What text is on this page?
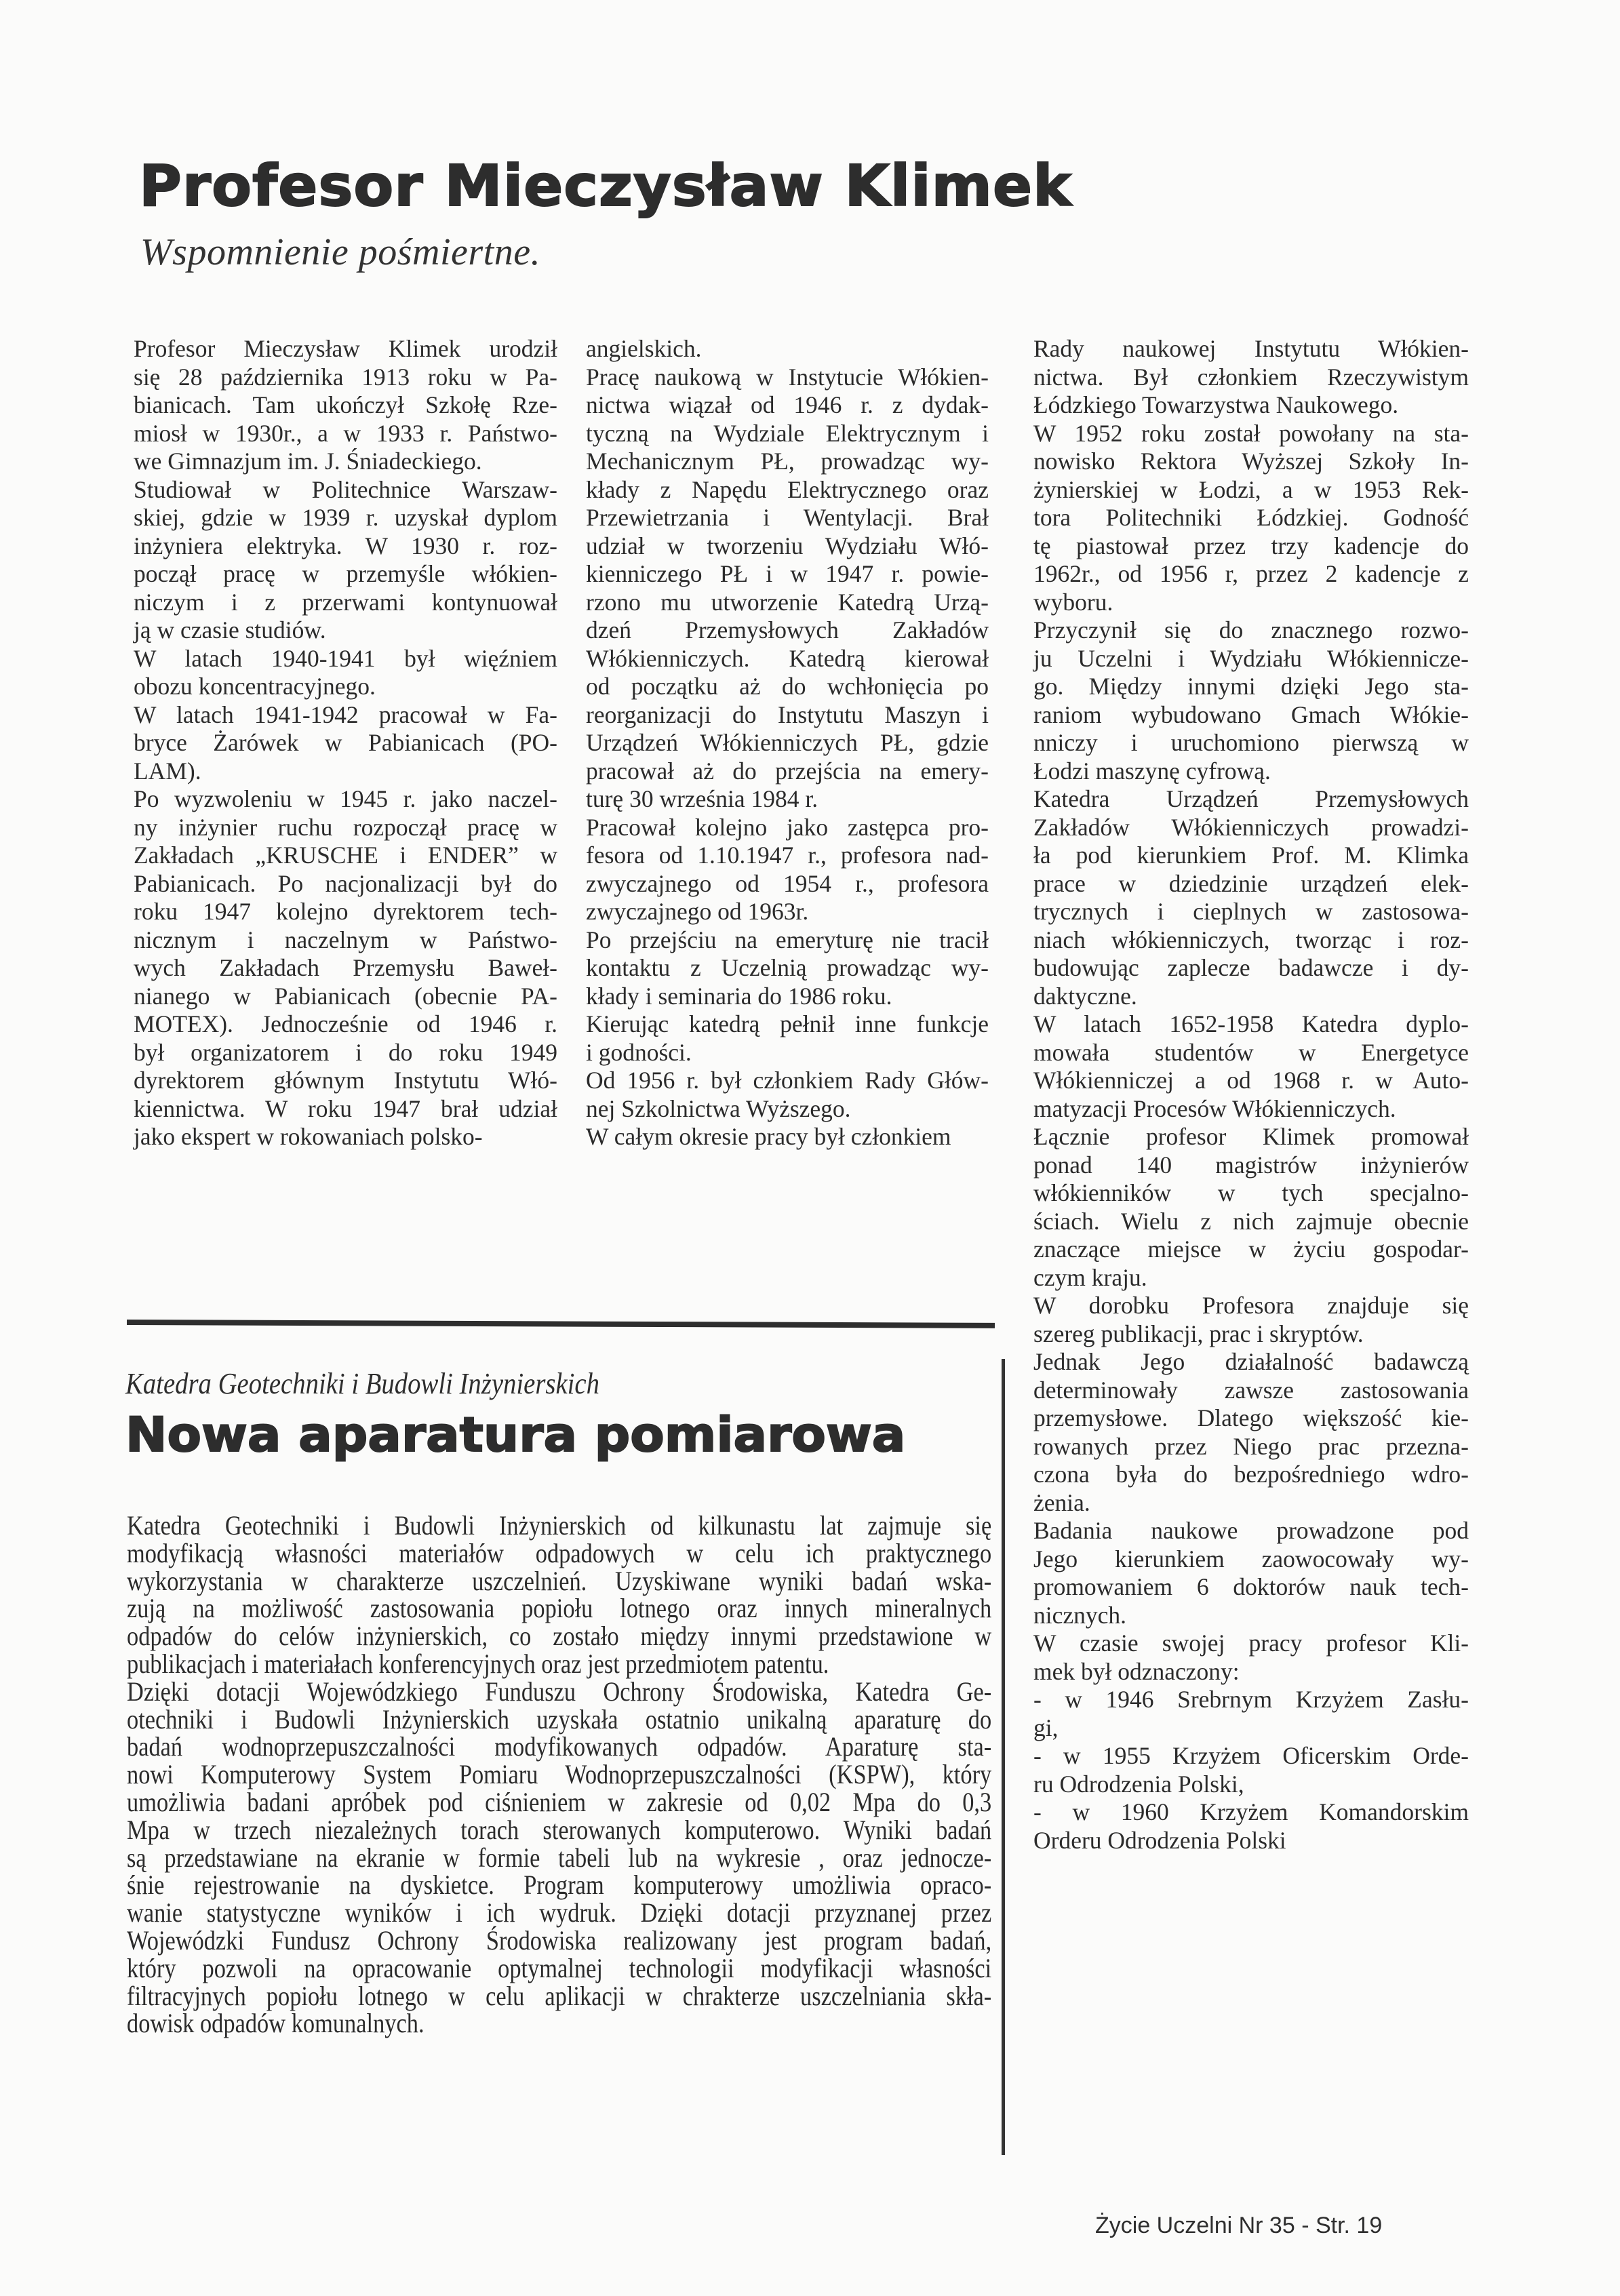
Profesor Mieczysław Klimek
Wspomnienie pośmiertne.
Profesor Mieczysław Klimek urodził
się 28 października 1913 roku w Pa-
bianicach. Tam ukończył Szkołę Rze-
miosł w 1930r., a w 1933 r. Państwo-
we Gimnazjum im. J. Śniadeckiego.
Studiował w Politechnice Warszaw-
skiej, gdzie w 1939 r. uzyskał dyplom
inżyniera elektryka. W 1930 r. roz-
począł pracę w przemyśle włókien-
niczym i z przerwami kontynuował
ją w czasie studiów.
W latach 1940-1941 był więźniem
obozu koncentracyjnego.
W latach 1941-1942 pracował w Fa-
bryce Żarówek w Pabianicach (PO-
LAM).
Po wyzwoleniu w 1945 r. jako naczel-
ny inżynier ruchu rozpoczął pracę w
Zakładach „KRUSCHE i ENDER” w
Pabianicach. Po nacjonalizacji był do
roku 1947 kolejno dyrektorem tech-
nicznym i naczelnym w Państwo-
wych Zakładach Przemysłu Baweł-
nianego w Pabianicach (obecnie PA-
MOTEX). Jednocześnie od 1946 r.
był organizatorem i do roku 1949
dyrektorem głównym Instytutu Włó-
kiennictwa. W roku 1947 brał udział
jako ekspert w rokowaniach polsko-
angielskich.
Pracę naukową w Instytucie Włókien-
nictwa wiązał od 1946 r. z dydak-
tyczną na Wydziale Elektrycznym i
Mechanicznym PŁ, prowadząc wy-
kłady z Napędu Elektrycznego oraz
Przewietrzania i Wentylacji. Brał
udział w tworzeniu Wydziału Włó-
kienniczego PŁ i w 1947 r. powie-
rzono mu utworzenie Katedrą Urzą-
dzeń Przemysłowych Zakładów
Włókienniczych. Katedrą kierował
od początku aż do wchłonięcia po
reorganizacji do Instytutu Maszyn i
Urządzeń Włókienniczych PŁ, gdzie
pracował aż do przejścia na emery-
turę 30 września 1984 r.
Pracował kolejno jako zastępca pro-
fesora od 1.10.1947 r., profesora nad-
zwyczajnego od 1954 r., profesora
zwyczajnego od 1963r.
Po przejściu na emeryturę nie tracił
kontaktu z Uczelnią prowadząc wy-
kłady i seminaria do 1986 roku.
Kierując katedrą pełnił inne funkcje
i godności.
Od 1956 r. był członkiem Rady Głów-
nej Szkolnictwa Wyższego.
W całym okresie pracy był członkiem
Rady naukowej Instytutu Włókien-
nictwa. Był członkiem Rzeczywistym
Łódzkiego Towarzystwa Naukowego.
W 1952 roku został powołany na sta-
nowisko Rektora Wyższej Szkoły In-
żynierskiej w Łodzi, a w 1953 Rek-
tora Politechniki Łódzkiej. Godność
tę piastował przez trzy kadencje do
1962r., od 1956 r, przez 2 kadencje z
wyboru.
Przyczynił się do znacznego rozwo-
ju Uczelni i Wydziału Włókiennicze-
go. Między innymi dzięki Jego sta-
raniom wybudowano Gmach Włókie-
nniczy i uruchomiono pierwszą w
Łodzi maszynę cyfrową.
Katedra Urządzeń Przemysłowych
Zakładów Włókienniczych prowadzi-
ła pod kierunkiem Prof. M. Klimka
prace w dziedzinie urządzeń elek-
trycznych i cieplnych w zastosowa-
niach włókienniczych, tworząc i roz-
budowując zaplecze badawcze i dy-
daktyczne.
W latach 1652-1958 Katedra dyplo-
mowała studentów w Energetyce
Włókienniczej a od 1968 r. w Auto-
matyzacji Procesów Włókienniczych.
Łącznie profesor Klimek promował
ponad 140 magistrów inżynierów
włókienników w tych specjalno-
ściach. Wielu z nich zajmuje obecnie
znaczące miejsce w życiu gospodar-
czym kraju.
W dorobku Profesora znajduje się
szereg publikacji, prac i skryptów.
Jednak Jego działalność badawczą
determinowały zawsze zastosowania
przemysłowe. Dlatego większość kie-
rowanych przez Niego prac przezna-
czona była do bezpośredniego wdro-
żenia.
Badania naukowe prowadzone pod
Jego kierunkiem zaowocowały wy-
promowaniem 6 doktorów nauk tech-
nicznych.
W czasie swojej pracy profesor Kli-
mek był odznaczony:
- w 1946 Srebrnym Krzyżem Zasłu-
gi,
- w 1955 Krzyżem Oficerskim Orde-
ru Odrodzenia Polski,
- w 1960 Krzyżem Komandorskim
Orderu Odrodzenia Polski
Katedra Geotechniki i Budowli Inżynierskich
Nowa aparatura pomiarowa
Katedra Geotechniki i Budowli Inżynierskich od kilkunastu lat zajmuje się
modyfikacją własności materiałów odpadowych w celu ich praktycznego
wykorzystania w charakterze uszczelnień. Uzyskiwane wyniki badań wska-
zują na możliwość zastosowania popiołu lotnego oraz innych mineralnych
odpadów do celów inżynierskich, co zostało między innymi przedstawione w
publikacjach i materiałach konferencyjnych oraz jest przedmiotem patentu.
Dzięki dotacji Wojewódzkiego Funduszu Ochrony Środowiska, Katedra Ge-
otechniki i Budowli Inżynierskich uzyskała ostatnio unikalną aparaturę do
badań wodnoprzepuszczalności modyfikowanych odpadów. Aparaturę sta-
nowi Komputerowy System Pomiaru Wodnoprzepuszczalności (KSPW), który
umożliwia badani apróbek pod ciśnieniem w zakresie od 0,02 Mpa do 0,3
Mpa w trzech niezależnych torach sterowanych komputerowo. Wyniki badań
są przedstawiane na ekranie w formie tabeli lub na wykresie , oraz jednocze-
śnie rejestrowanie na dyskietce. Program komputerowy umożliwia opraco-
wanie statystyczne wyników i ich wydruk. Dzięki dotacji przyznanej przez
Wojewódzki Fundusz Ochrony Środowiska realizowany jest program badań,
który pozwoli na opracowanie optymalnej technologii modyfikacji własności
filtracyjnych popiołu lotnego w celu aplikacji w chrakterze uszczelniania skła-
dowisk odpadów komunalnych.
Życie Uczelni Nr 35 - Str. 19
